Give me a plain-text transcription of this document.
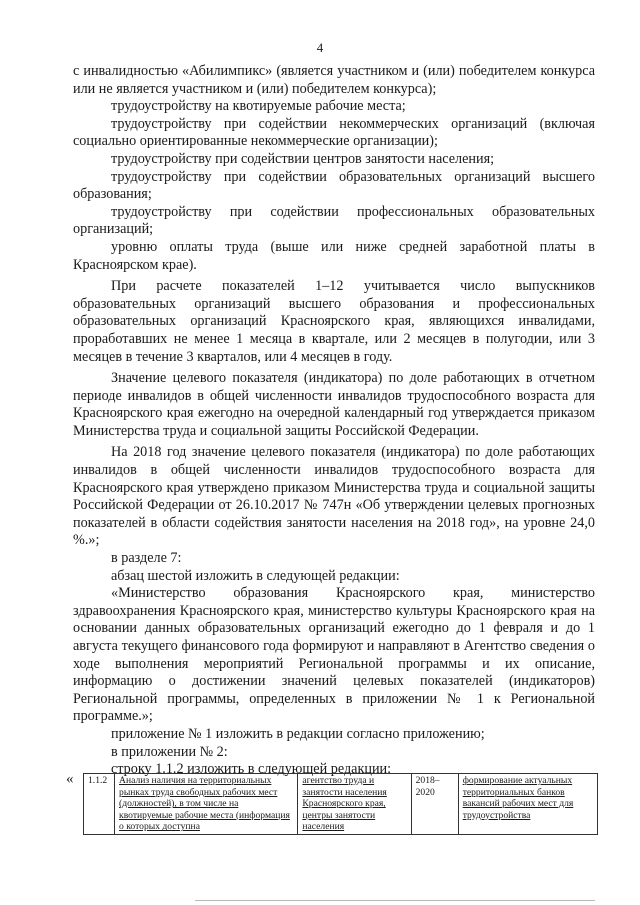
4

с инвалидностью «Абилимпикс» (является участником и (или) победителем конкурса или не является участником и (или) победителем конкурса);

трудоустройству на квотируемые рабочие места;

трудоустройству при содействии некоммерческих организаций (включая социально ориентированные некоммерческие организации);

трудоустройству при содействии центров занятости населения;

трудоустройству при содействии образовательных организаций высшего образования;

трудоустройству при содействии профессиональных образовательных организаций;

уровню оплаты труда (выше или ниже средней заработной платы в Красноярском крае).

При расчете показателей 1–12 учитывается число выпускников образовательных организаций высшего образования и профессиональных образовательных организаций Красноярского края, являющихся инвалидами, проработавших не менее 1 месяца в квартале, или 2 месяцев в полугодии, или 3 месяцев в течение 3 кварталов, или 4 месяцев в году.

Значение целевого показателя (индикатора) по доле работающих в отчетном периоде инвалидов в общей численности инвалидов трудоспособного возраста для Красноярского края ежегодно на очередной календарный год утверждается приказом Министерства труда и социальной защиты Российской Федерации.

На 2018 год значение целевого показателя (индикатора) по доле работающих инвалидов в общей численности инвалидов трудоспособного возраста для Красноярского края утверждено приказом Министерства труда и социальной защиты Российской Федерации от 26.10.2017 № 747н «Об утверждении целевых прогнозных показателей в области содействия занятости населения на 2018 год», на уровне 24,0 %.»;

в разделе 7:

абзац шестой изложить в следующей редакции:

«Министерство образования Красноярского края, министерство здравоохранения Красноярского края, министерство культуры Красноярского края на основании данных образовательных организаций ежегодно до 1 февраля и до 1 августа текущего финансового года формируют и направляют в Агентство сведения о ходе выполнения мероприятий Региональной программы и их описание, информацию о достижении значений целевых показателей (индикаторов) Региональной программы, определенных в приложении № 1 к Региональной программе.»;

приложение № 1 изложить в редакции согласно приложению;

в приложении № 2:

строку 1.1.2 изложить в следующей редакции:

« 1.1.2	Анализ наличия на территориальных рынках труда свободных рабочих мест (должностей), в том числе на квотируемые рабочие места (информация о которых доступна	агентство труда и занятости населения Красноярского края, центры занятости населения	2018–2020	формирование актуальных территориальных банков вакансий рабочих мест для трудоустройства
